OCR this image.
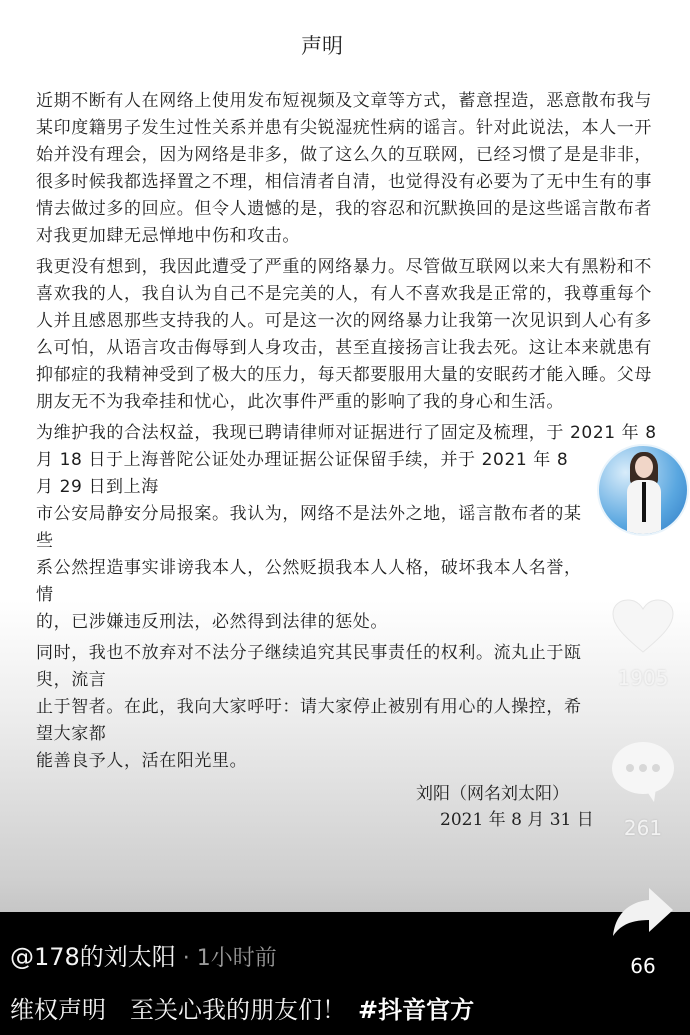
声明
近期不断有人在网络上使用发布短视频及文章等方式，蓄意捏造，恶意散布我与
某印度籍男子发生过性关系并患有尖锐湿疣性病的谣言。针对此说法，本人一开
始并没有理会，因为网络是非多，做了这么久的互联网，已经习惯了是是非非，
很多时候我都选择置之不理，相信清者自清，也觉得没有必要为了无中生有的事
情去做过多的回应。但令人遗憾的是，我的容忍和沉默换回的是这些谣言散布者
对我更加肆无忌惮地中伤和攻击。
我更没有想到，我因此遭受了严重的网络暴力。尽管做互联网以来大有黑粉和不
喜欢我的人，我自认为自己不是完美的人，有人不喜欢我是正常的，我尊重每个
人并且感恩那些支持我的人。可是这一次的网络暴力让我第一次见识到人心有多
么可怕，从语言攻击侮辱到人身攻击，甚至直接扬言让我去死。这让本来就患有
抑郁症的我精神受到了极大的压力，每天都要服用大量的安眠药才能入睡。父母
朋友无不为我牵挂和忧心，此次事件严重的影响了我的身心和生活。
为维护我的合法权益，我现已聘请律师对证据进行了固定及梳理，于 2021 年 8
月 18 日于上海普陀公证处办理证据公证保留手续，并于 2021 年 8 月 29 日到上海
市公安局静安分局报案。我认为，网络不是法外之地，谣言散布者的某些
系公然捏造事实诽谤我本人，公然贬损我本人人格，破坏我本人名誉，情
的，已涉嫌违反刑法，必然得到法律的惩处。
同时，我也不放弃对不法分子继续追究其民事责任的权利。流丸止于瓯臾，流言
止于智者。在此，我向大家呼吁：请大家停止被别有用心的人操控，希望大家都
能善良予人，活在阳光里。
刘阳（网名刘太阳）
2021 年 8 月 31 日
1905
261
66
@178的刘太阳 · 1小时前
维权声明　至关心我的朋友们！ #抖音官方
